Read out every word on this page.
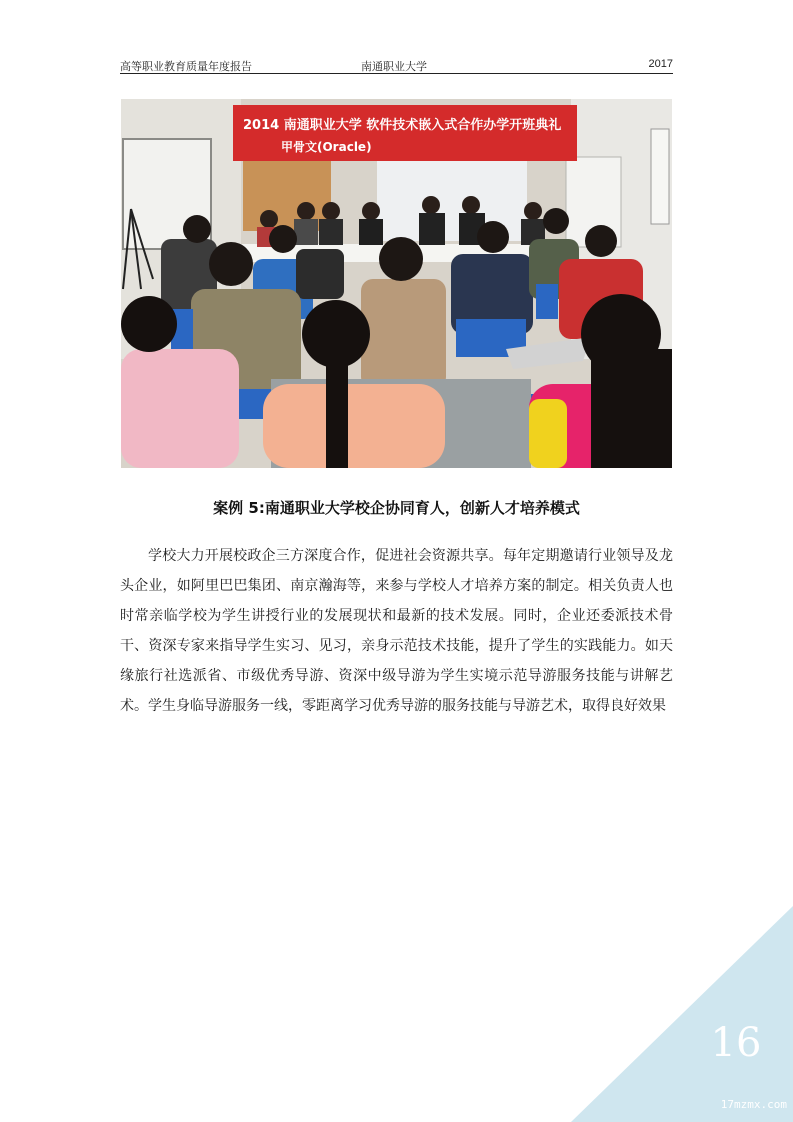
高等职业教育质量年度报告	南通职业大学	2017
2014 南通职业大学 软件技术嵌入式合作办学开班典礼
甲骨文(Oracle)
案例 5:南通职业大学校企协同育人，创新人才培养模式

学校大力开展校政企三方深度合作，促进社会资源共享。每年定期邀请行业领导及龙头企业，如阿里巴巴集团、南京瀚海等，来参与学校人才培养方案的制定。相关负责人也时常亲临学校为学生讲授行业的发展现状和最新的技术发展。同时，企业还委派技术骨干、资深专家来指导学生实习、见习，亲身示范技术技能，提升了学生的实践能力。如天缘旅行社选派省、市级优秀导游、资深中级导游为学生实境示范导游服务技能与讲解艺术。学生身临导游服务一线，零距离学习优秀导游的服务技能与导游艺术，取得良好效果

16
17mzmx.com
